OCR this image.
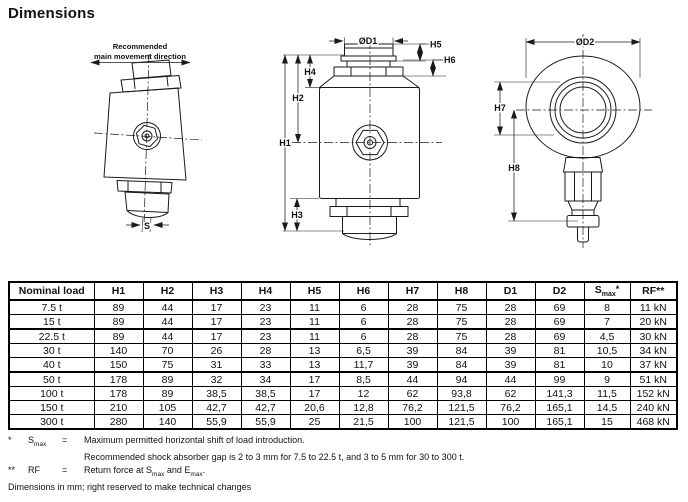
Dimensions
Recommended
main movement direction
S
H1
H2
H4
H3
ØD1	H5
H6
ØD2
H7
H8
Nominal load	H1	H2	H3	H4	H5	H6	H7	H8	D1	D2	$S_{max}*$	RF**
7.5 t	89	44	17	23	11	6	28	75	28	69	8	11 kN
15 t	89	44	17	23	11	6	28	75	28	69	7	20 kN
22.5 t	89	44	17	23	11	6	28	75	28	69	4,5	30 kN
30 t	140	70	26	28	13	6,5	39	84	39	81	10,5	34 kN
40 t	150	75	31	33	13	11,7	39	84	39	81	10	37 kN
50 t	178	89	32	34	17	8,5	44	94	44	99	9	51 kN
100 t	178	89	38,5	38,5	17	12	62	93,8	62	141,3	11,5	152 kN
150 t	210	105	42,7	42,7	20,6	12,8	76,2	121,5	76,2	165,1	14,5	240 kN
300 t	280	140	55,9	55,9	25	21,5	100	121,5	100	165,1	15	468 kN
*	$S_{max}$	=	Maximum permitted horizontal shift of load introduction.
Recommended shock absorber gap is 2 to 3 mm for 7.5 to 22.5 t, and 3 to 5 mm for 30 to 300 t.
**	RF	=	Return force at $S_{max}$ and $E_{max}$.
Dimensions in mm; right reserved to make technical changes
